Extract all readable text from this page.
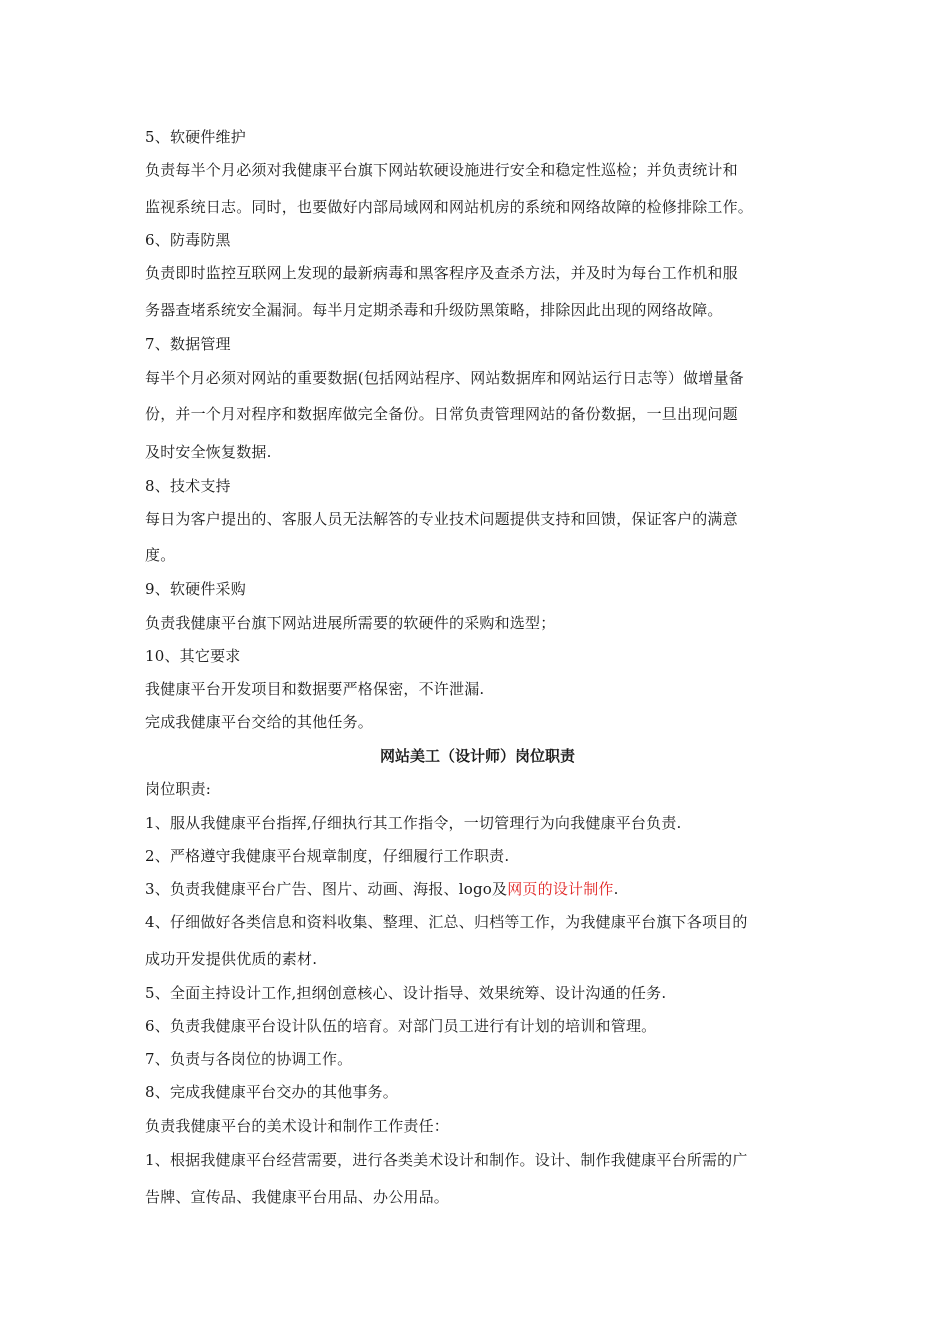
5、软硬件维护
负责每半个月必须对我健康平台旗下网站软硬设施进行安全和稳定性巡检；并负责统计和
监视系统日志。同时，也要做好内部局域网和网站机房的系统和网络故障的检修排除工作。
6、防毒防黑
负责即时监控互联网上发现的最新病毒和黑客程序及查杀方法，并及时为每台工作机和服
务器查堵系统安全漏洞。每半月定期杀毒和升级防黑策略，排除因此出现的网络故障。
7、数据管理
每半个月必须对网站的重要数据(包括网站程序、网站数据库和网站运行日志等）做增量备
份，并一个月对程序和数据库做完全备份。日常负责管理网站的备份数据，一旦出现问题
及时安全恢复数据.
8、技术支持
每日为客户提出的、客服人员无法解答的专业技术问题提供支持和回馈，保证客户的满意
度。
9、软硬件采购
负责我健康平台旗下网站进展所需要的软硬件的采购和选型；
10、其它要求
我健康平台开发项目和数据要严格保密，不许泄漏.
完成我健康平台交给的其他任务。
网站美工（设计师）岗位职责
岗位职责:
1、服从我健康平台指挥,仔细执行其工作指令，一切管理行为向我健康平台负责.
2、严格遵守我健康平台规章制度，仔细履行工作职责.
3、负责我健康平台广告、图片、动画、海报、logo及网页的设计制作.
4、仔细做好各类信息和资料收集、整理、汇总、归档等工作，为我健康平台旗下各项目的
成功开发提供优质的素材.
5、全面主持设计工作,担纲创意核心、设计指导、效果统筹、设计沟通的任务.
6、负责我健康平台设计队伍的培育。对部门员工进行有计划的培训和管理。
7、负责与各岗位的协调工作。
8、完成我健康平台交办的其他事务。
负责我健康平台的美术设计和制作工作责任：
1、根据我健康平台经营需要，进行各类美术设计和制作。设计、制作我健康平台所需的广
告牌、宣传品、我健康平台用品、办公用品。
